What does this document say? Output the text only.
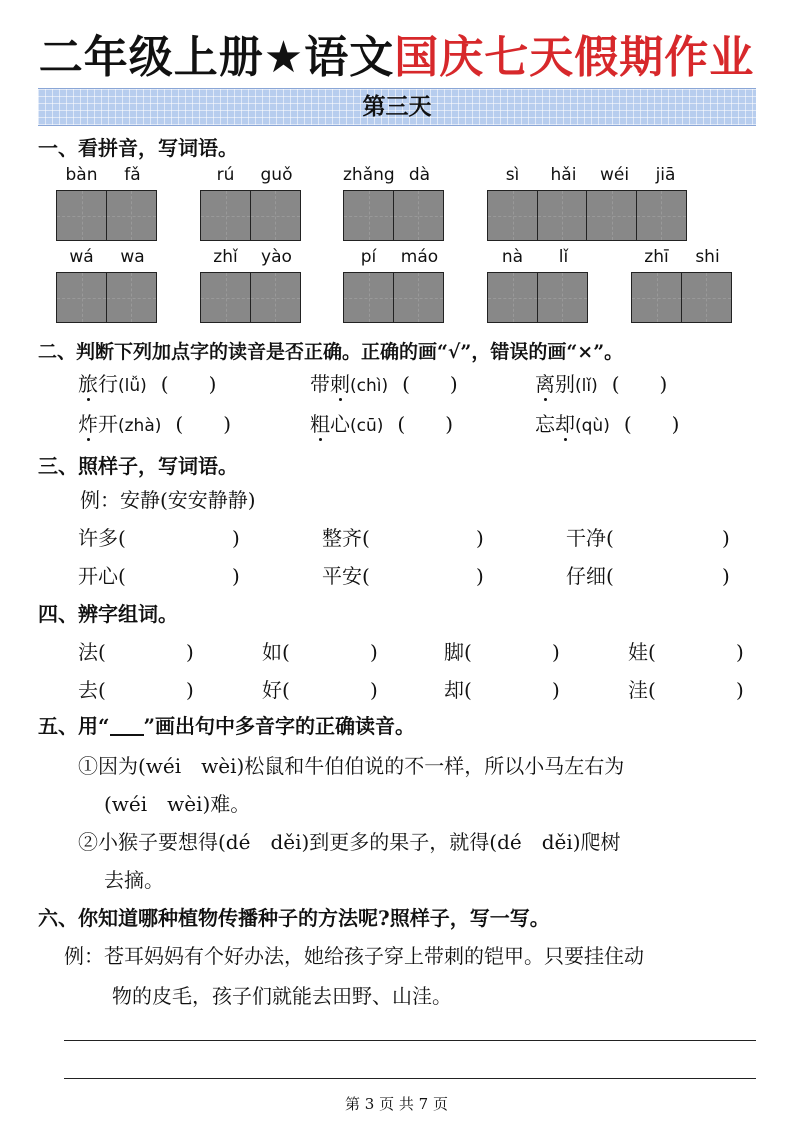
二年级上册★语文国庆七天假期作业
第三天
一、看拼音，写词语。
二、判断下列加点字的读音是否正确。正确的画“√”，错误的画“×”。
三、照样子，写词语。
例：安静(安安静静)
四、辨字组词。
五、用“ ”画出句中多音字的正确读音。
①因为(wéi　wèi)松鼠和牛伯伯说的不一样，所以小马左右为
(wéi　wèi)难。
②小猴子要想得(dé　děi)到更多的果子，就得(dé　děi)爬树
去摘。
六、你知道哪种植物传播种子的方法呢?照样子，写一写。
例：苍耳妈妈有个好办法，她给孩子穿上带刺的铠甲。只要挂住动
物的皮毛，孩子们就能去田野、山洼。
第 3 页 共 7 页
bàn	fǎ	rú	guǒ	zhǎng dà	sì	hǎi	wéi	jiā
wá	wa	zhǐ	yào	pí	máo	nà	lǐ	zhī	shi
旅行(lǚ) (　　)	带刺(chì) (　　)	离别(lǐ) (　　)
炸开(zhà) (　　)	粗心(cū) (　　)	忘却(qù) (　　)
许多(	)	整齐(	)	干净(	)
开心(	)	平安(	)	仔细(	)
法(	)	如(	)	脚(	)	娃(	)
去(	)	好(	)	却(	)	洼(	)
